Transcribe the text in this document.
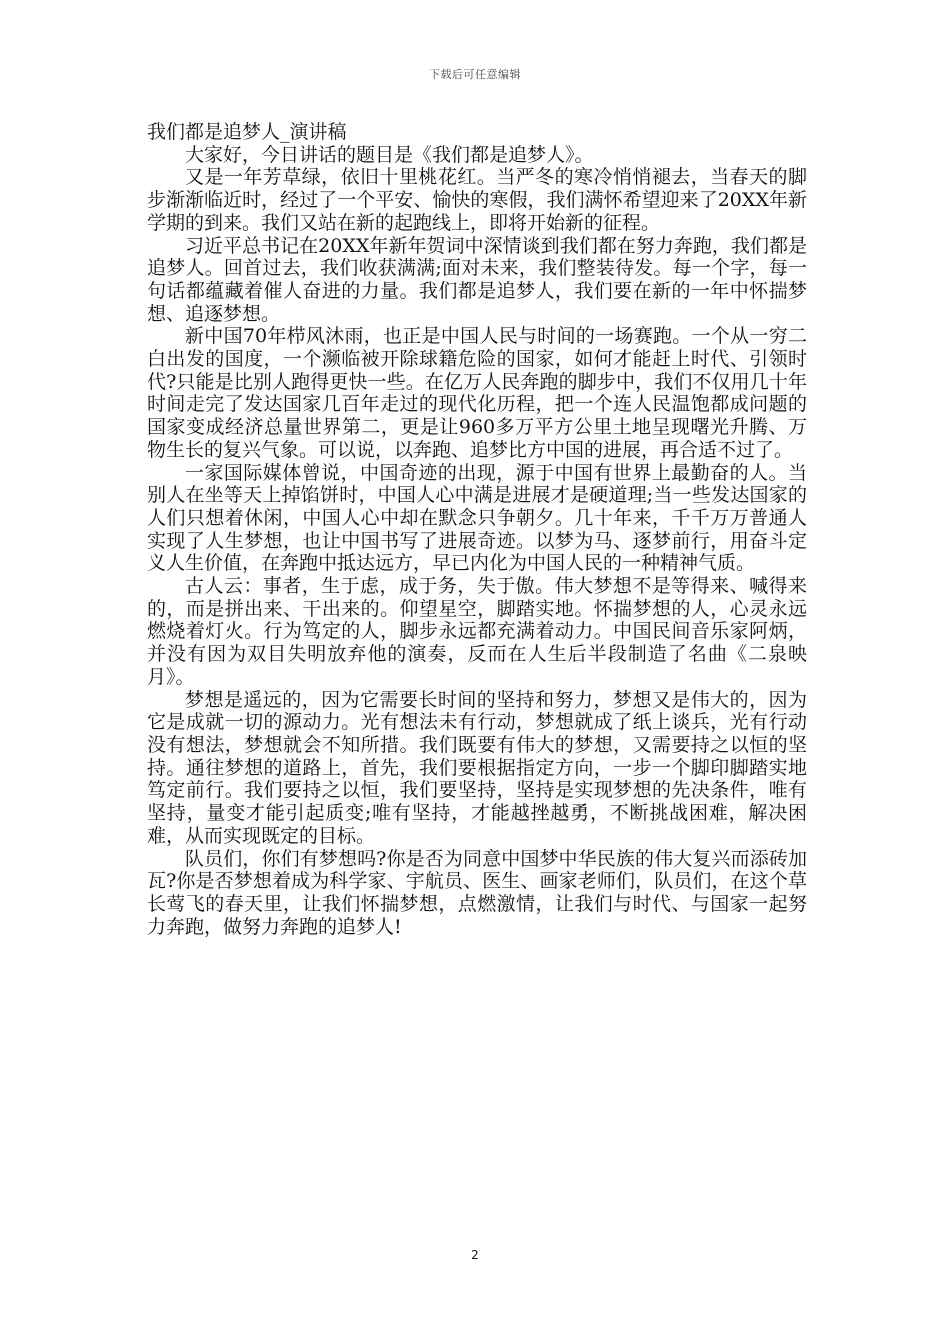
下载后可任意编辑
我们都是追梦人_演讲稿

大家好，今日讲话的题目是《我们都是追梦人》。

又是一年芳草绿，依旧十里桃花红。当严冬的寒冷悄悄褪去，当春天的脚步渐渐临近时，经过了一个平安、愉快的寒假，我们满怀希望迎来了20XX年新学期的到来。我们又站在新的起跑线上，即将开始新的征程。

习近平总书记在20XX年新年贺词中深情谈到我们都在努力奔跑，我们都是追梦人。回首过去，我们收获满满;面对未来，我们整装待发。每一个字，每一句话都蕴藏着催人奋进的力量。我们都是追梦人，我们要在新的一年中怀揣梦想、追逐梦想。

新中国70年栉风沐雨，也正是中国人民与时间的一场赛跑。一个从一穷二白出发的国度，一个濒临被开除球籍危险的国家，如何才能赶上时代、引领时代?只能是比别人跑得更快一些。在亿万人民奔跑的脚步中，我们不仅用几十年时间走完了发达国家几百年走过的现代化历程，把一个连人民温饱都成问题的国家变成经济总量世界第二，更是让960多万平方公里土地呈现曙光升腾、万物生长的复兴气象。可以说，以奔跑、追梦比方中国的进展，再合适不过了。

一家国际媒体曾说，中国奇迹的出现，源于中国有世界上最勤奋的人。当别人在坐等天上掉馅饼时，中国人心中满是进展才是硬道理;当一些发达国家的人们只想着休闲，中国人心中却在默念只争朝夕。几十年来，千千万万普通人实现了人生梦想，也让中国书写了进展奇迹。以梦为马、逐梦前行，用奋斗定义人生价值，在奔跑中抵达远方，早已内化为中国人民的一种精神气质。

古人云：事者，生于虑，成于务，失于傲。伟大梦想不是等得来、喊得来的，而是拼出来、干出来的。仰望星空，脚踏实地。怀揣梦想的人，心灵永远燃烧着灯火。行为笃定的人，脚步永远都充满着动力。中国民间音乐家阿炳，并没有因为双目失明放弃他的演奏，反而在人生后半段制造了名曲《二泉映月》。

梦想是遥远的，因为它需要长时间的坚持和努力，梦想又是伟大的，因为它是成就一切的源动力。光有想法未有行动，梦想就成了纸上谈兵，光有行动没有想法，梦想就会不知所措。我们既要有伟大的梦想，又需要持之以恒的坚持。通往梦想的道路上，首先，我们要根据指定方向，一步一个脚印脚踏实地笃定前行。我们要持之以恒，我们要坚持，坚持是实现梦想的先决条件，唯有坚持，量变才能引起质变;唯有坚持，才能越挫越勇，不断挑战困难，解决困难，从而实现既定的目标。

队员们，你们有梦想吗?你是否为同意中国梦中华民族的伟大复兴而添砖加瓦?你是否梦想着成为科学家、宇航员、医生、画家老师们，队员们，在这个草长莺飞的春天里，让我们怀揣梦想，点燃激情，让我们与时代、与国家一起努力奔跑，做努力奔跑的追梦人!

2
